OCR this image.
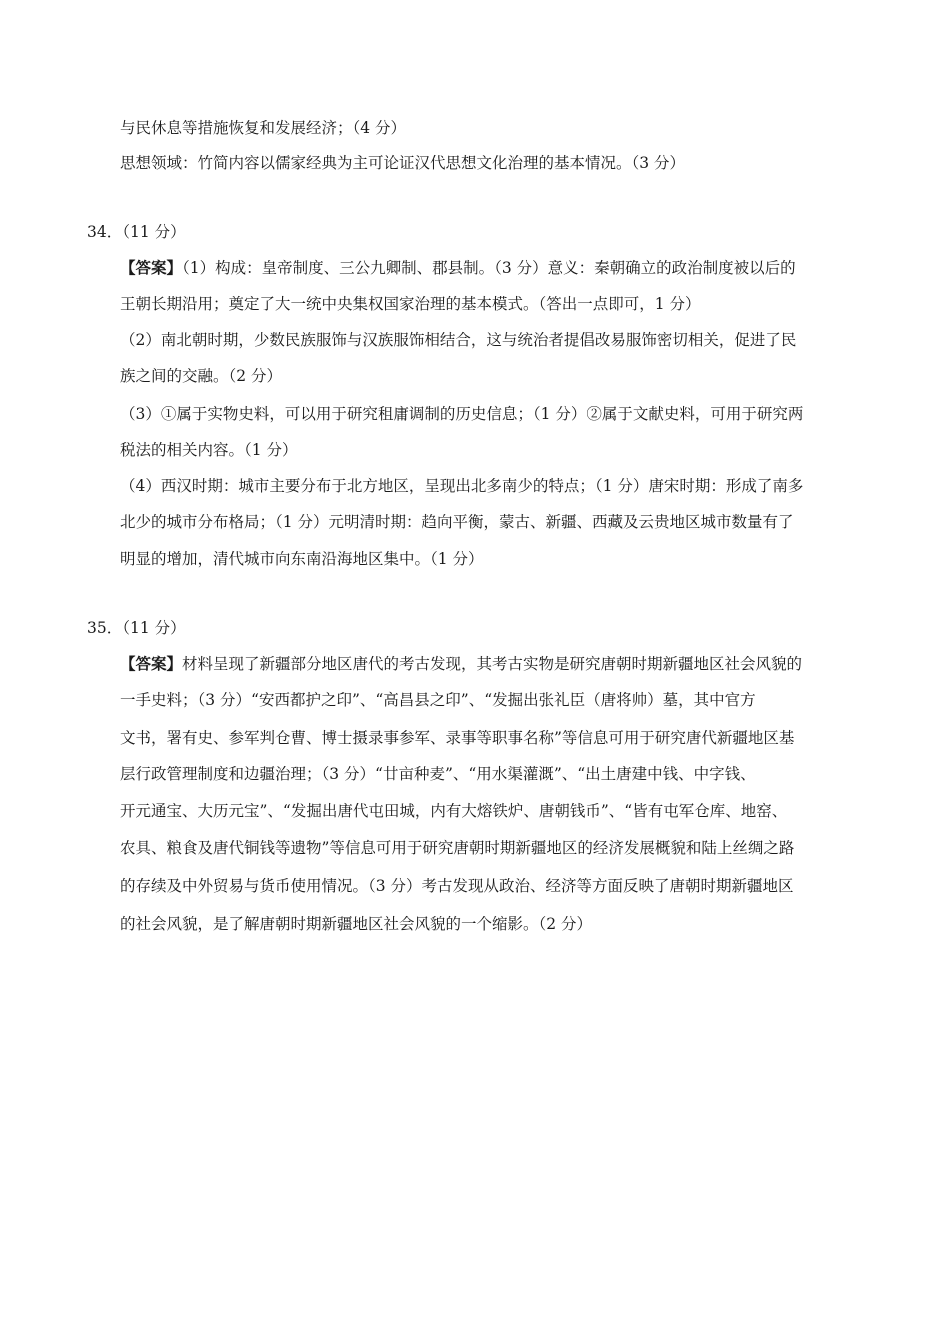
与民休息等措施恢复和发展经济；（4 分）
思想领域：竹简内容以儒家经典为主可论证汉代思想文化治理的基本情况。（3 分）
34．（11 分）
【答案】（1）构成：皇帝制度、三公九卿制、郡县制。（3 分）意义：秦朝确立的政治制度被以后的
王朝长期沿用；奠定了大一统中央集权国家治理的基本模式。（答出一点即可，1 分）
（2）南北朝时期，少数民族服饰与汉族服饰相结合，这与统治者提倡改易服饰密切相关，促进了民
族之间的交融。（2 分）
（3）①属于实物史料，可以用于研究租庸调制的历史信息；（1 分）②属于文献史料，可用于研究两
税法的相关内容。（1 分）
（4）西汉时期：城市主要分布于北方地区，呈现出北多南少的特点；（1 分）唐宋时期：形成了南多
北少的城市分布格局；（1 分）元明清时期：趋向平衡，蒙古、新疆、西藏及云贵地区城市数量有了
明显的增加，清代城市向东南沿海地区集中。（1 分）
35．（11 分）
【答案】材料呈现了新疆部分地区唐代的考古发现，其考古实物是研究唐朝时期新疆地区社会风貌的
一手史料；（3 分）“安西都护之印”、“高昌县之印”、“发掘出张礼臣（唐将帅）墓，其中官方
文书，署有史、参军判仓曹、博士摄录事参军、录事等职事名称”等信息可用于研究唐代新疆地区基
层行政管理制度和边疆治理；（3 分）“廿亩种麦”、“用水渠灌溉”、“出土唐建中钱、中字钱、
开元通宝、大历元宝”、“发掘出唐代屯田城，内有大熔铁炉、唐朝钱币”、“皆有屯军仓库、地窑、
农具、粮食及唐代铜钱等遗物”等信息可用于研究唐朝时期新疆地区的经济发展概貌和陆上丝绸之路
的存续及中外贸易与货币使用情况。（3 分）考古发现从政治、经济等方面反映了唐朝时期新疆地区
的社会风貌，是了解唐朝时期新疆地区社会风貌的一个缩影。（2 分）
